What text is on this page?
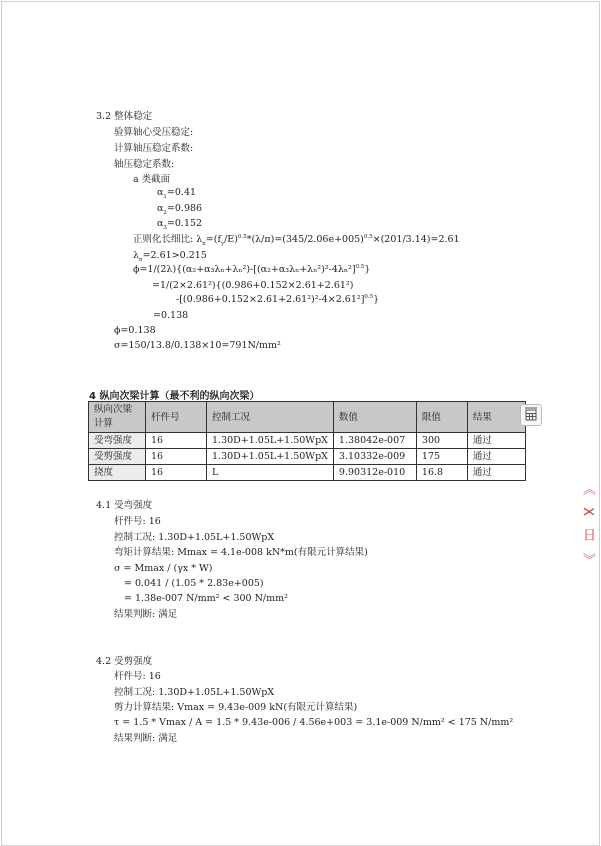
3.2 整体稳定
验算轴心受压稳定:
计算轴压稳定系数:
轴压稳定系数:
a 类截面
$\alpha_1=0.41$
$\alpha_2=0.986$
$\alpha_3=0.152$
正则化长细比: $\lambda_n=(f_y/E)^{0.5}*(\lambda/\pi)=(345/2.06e+005)^{0.5}\times(201/3.14)=2.61$
$\lambda_n=2.61>0.215$
$\phi=1/(2\lambda)\{(\alpha_2+\alpha_3\lambda_n+\lambda_n^2)-[(\alpha_2+\alpha_3\lambda_n+\lambda_n^2)^2-4\lambda_n^2]^{0.5}\}$
=1/(2×2.61²){(0.986+0.152×2.61+2.61²)
$-[(0.986+0.152\times 2.61+2.61^2)^2-4\times 2.61^2]^{0.5}$}
=0.138
ϕ=0.138
σ=150/13.8/0.138×10=791N/mm²
4 纵向次梁计算（最不利的纵向次梁）
纵向次梁计算	杆件号	控制工况	数值	限值	结果
受弯强度	16	1.30D+1.05L+1.50WpX	1.38042e-007	300	通过
受剪强度	16	1.30D+1.05L+1.50WpX	3.10332e-009	175	通过
挠度	16	L	9.90312e-010	16.8	通过
《 X 日 》
4.1 受弯强度
杆件号: 16
控制工况: 1.30D+1.05L+1.50WpX
弯矩计算结果: Mmax = 4.1e-008 kN*m(有限元计算结果)
σ = Mmax / (γx * W)
= 0.041 / (1.05 * 2.83e+005)
= 1.38e-007 N/mm² < 300 N/mm²
结果判断: 满足
4.2 受剪强度
杆件号: 16
控制工况: 1.30D+1.05L+1.50WpX
剪力计算结果: Vmax = 9.43e-009 kN(有限元计算结果)
τ = 1.5 * Vmax / A = 1.5 * 9.43e-006 / 4.56e+003 = 3.1e-009 N/mm² < 175 N/mm²
结果判断: 满足
